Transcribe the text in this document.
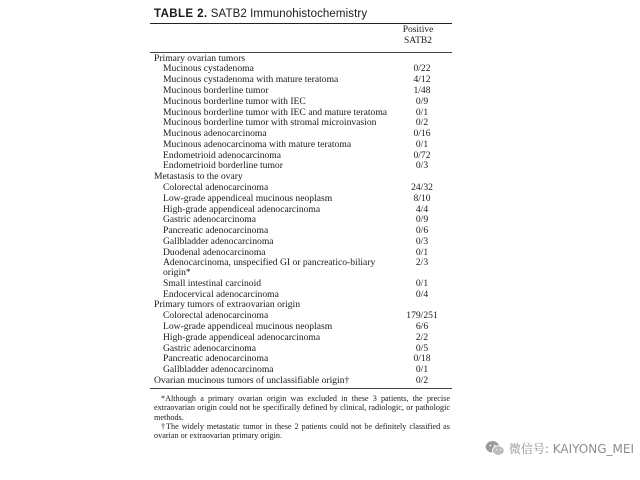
TABLE 2. SATB2 Immunohistochemistry
Positive
SATB2
Primary ovarian tumors	
Mucinous cystadenoma	0/22
Mucinous cystadenoma with mature teratoma	4/12
Mucinous borderline tumor	1/48
Mucinous borderline tumor with IEC	0/9
Mucinous borderline tumor with IEC and mature teratoma	0/1
Mucinous borderline tumor with stromal microinvasion	0/2
Mucinous adenocarcinoma	0/16
Mucinous adenocarcinoma with mature teratoma	0/1
Endometrioid adenocarcinoma	0/72
Endometrioid borderline tumor	0/3
Metastasis to the ovary	
Colorectal adenocarcinoma	24/32
Low-grade appendiceal mucinous neoplasm	8/10
High-grade appendiceal adenocarcinoma	4/4
Gastric adenocarcinoma	0/9
Pancreatic adenocarcinoma	0/6
Gallbladder adenocarcinoma	0/3
Duodenal adenocarcinoma	0/1
Adenocarcinoma, unspecified GI or pancreatico-biliary origin*	2/3
Small intestinal carcinoid	0/1
Endocervical adenocarcinoma	0/4
Primary tumors of extraovarian origin	
Colorectal adenocarcinoma	179/251
Low-grade appendiceal mucinous neoplasm	6/6
High-grade appendiceal adenocarcinoma	2/2
Gastric adenocarcinoma	0/5
Pancreatic adenocarcinoma	0/18
Gallbladder adenocarcinoma	0/1
Ovarian mucinous tumors of unclassifiable origin†	0/2

*Although a primary ovarian origin was excluded in these 3 patients, the precise extraovarian origin could not be specifically defined by clinical, radiologic, or pathologic methods.

†The widely metastatic tumor in these 2 patients could not be definitely classified as ovarian or extraovarian primary origin.

微信号: KAIYONG_MEI
